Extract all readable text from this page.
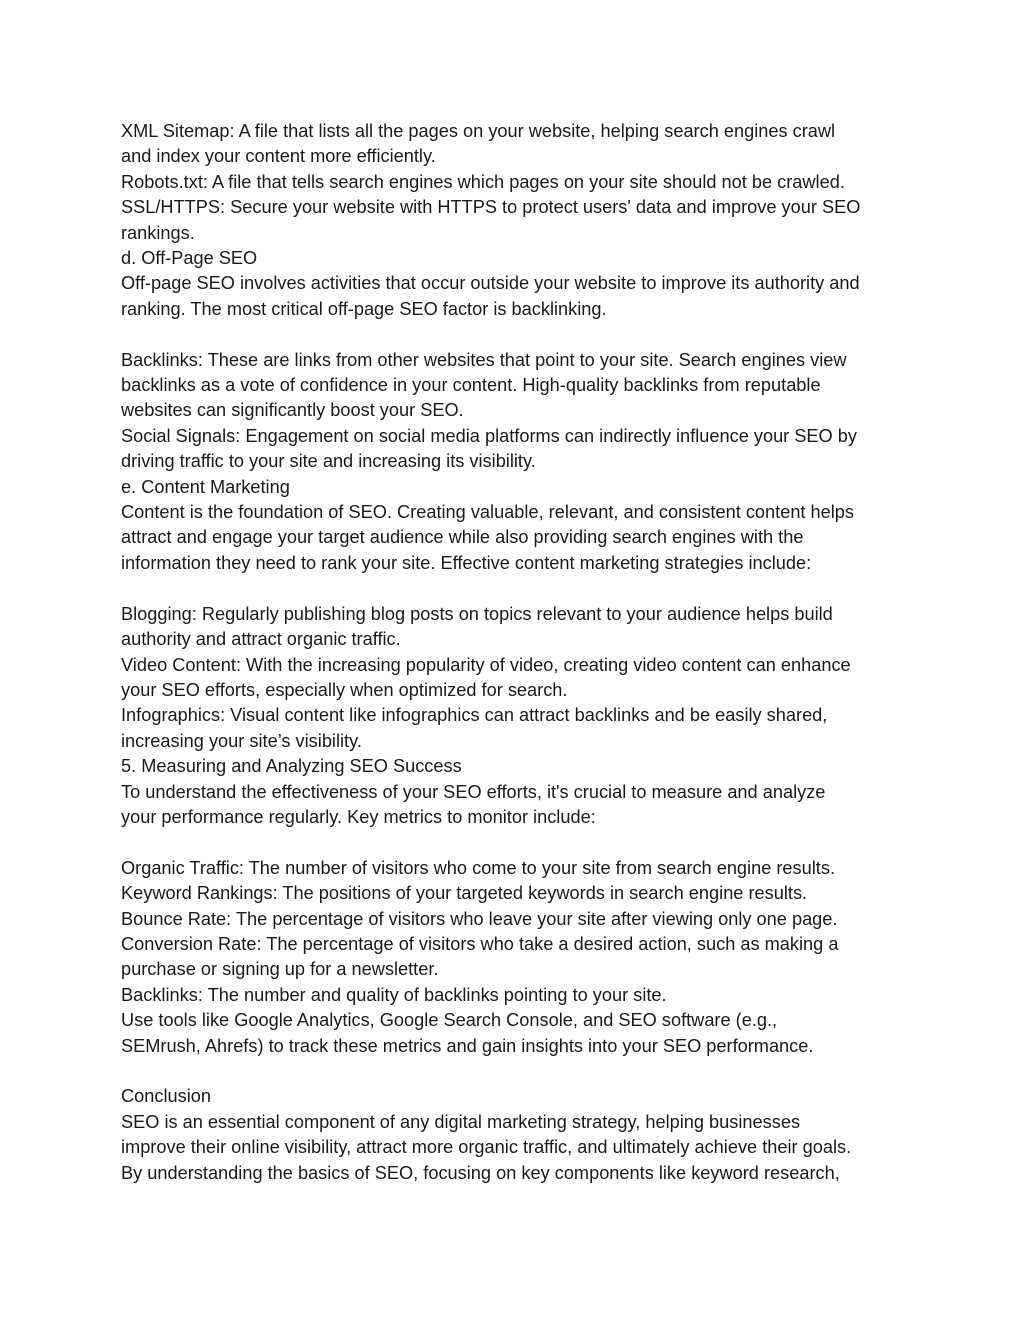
XML Sitemap: A file that lists all the pages on your website, helping search engines crawl
and index your content more efficiently.
Robots.txt: A file that tells search engines which pages on your site should not be crawled.
SSL/HTTPS: Secure your website with HTTPS to protect users' data and improve your SEO
rankings.
d. Off-Page SEO
Off-page SEO involves activities that occur outside your website to improve its authority and
ranking. The most critical off-page SEO factor is backlinking.
Backlinks: These are links from other websites that point to your site. Search engines view
backlinks as a vote of confidence in your content. High-quality backlinks from reputable
websites can significantly boost your SEO.
Social Signals: Engagement on social media platforms can indirectly influence your SEO by
driving traffic to your site and increasing its visibility.
e. Content Marketing
Content is the foundation of SEO. Creating valuable, relevant, and consistent content helps
attract and engage your target audience while also providing search engines with the
information they need to rank your site. Effective content marketing strategies include:
Blogging: Regularly publishing blog posts on topics relevant to your audience helps build
authority and attract organic traffic.
Video Content: With the increasing popularity of video, creating video content can enhance
your SEO efforts, especially when optimized for search.
Infographics: Visual content like infographics can attract backlinks and be easily shared,
increasing your site’s visibility.
5. Measuring and Analyzing SEO Success
To understand the effectiveness of your SEO efforts, it's crucial to measure and analyze
your performance regularly. Key metrics to monitor include:
Organic Traffic: The number of visitors who come to your site from search engine results.
Keyword Rankings: The positions of your targeted keywords in search engine results.
Bounce Rate: The percentage of visitors who leave your site after viewing only one page.
Conversion Rate: The percentage of visitors who take a desired action, such as making a
purchase or signing up for a newsletter.
Backlinks: The number and quality of backlinks pointing to your site.
Use tools like Google Analytics, Google Search Console, and SEO software (e.g.,
SEMrush, Ahrefs) to track these metrics and gain insights into your SEO performance.
Conclusion
SEO is an essential component of any digital marketing strategy, helping businesses
improve their online visibility, attract more organic traffic, and ultimately achieve their goals.
By understanding the basics of SEO, focusing on key components like keyword research,
